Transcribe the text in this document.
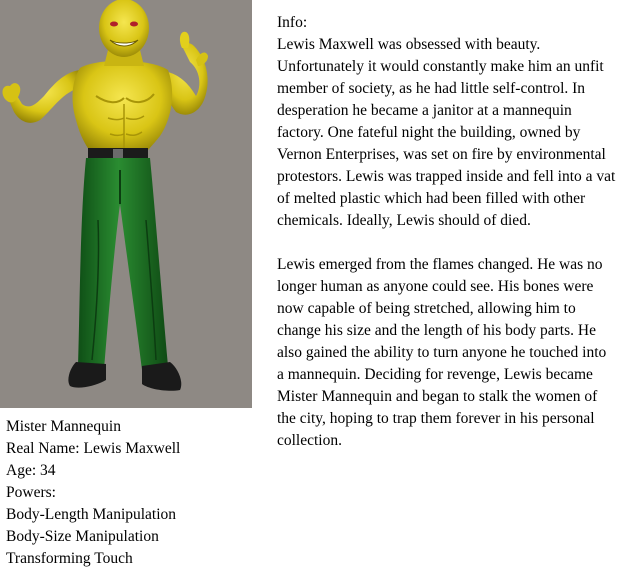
Mister Mannequin
Real Name: Lewis Maxwell
Age: 34
Powers:
Body-Length Manipulation
Body-Size Manipulation
Transforming Touch

Info:

Lewis Maxwell was obsessed with beauty. Unfortunately it would constantly make him an unfit member of society, as he had little self-control. In desperation he became a janitor at a mannequin factory. One fateful night the building, owned by Vernon Enterprises, was set on fire by environmental protestors. Lewis was trapped inside and fell into a vat of melted plastic which had been filled with other chemicals. Ideally, Lewis should of died.

Lewis emerged from the flames changed. He was no longer human as anyone could see. His bones were now capable of being stretched, allowing him to change his size and the length of his body parts. He also gained the ability to turn anyone he touched into a mannequin. Deciding for revenge, Lewis became Mister Mannequin and began to stalk the women of the city, hoping to trap them forever in his personal collection.
